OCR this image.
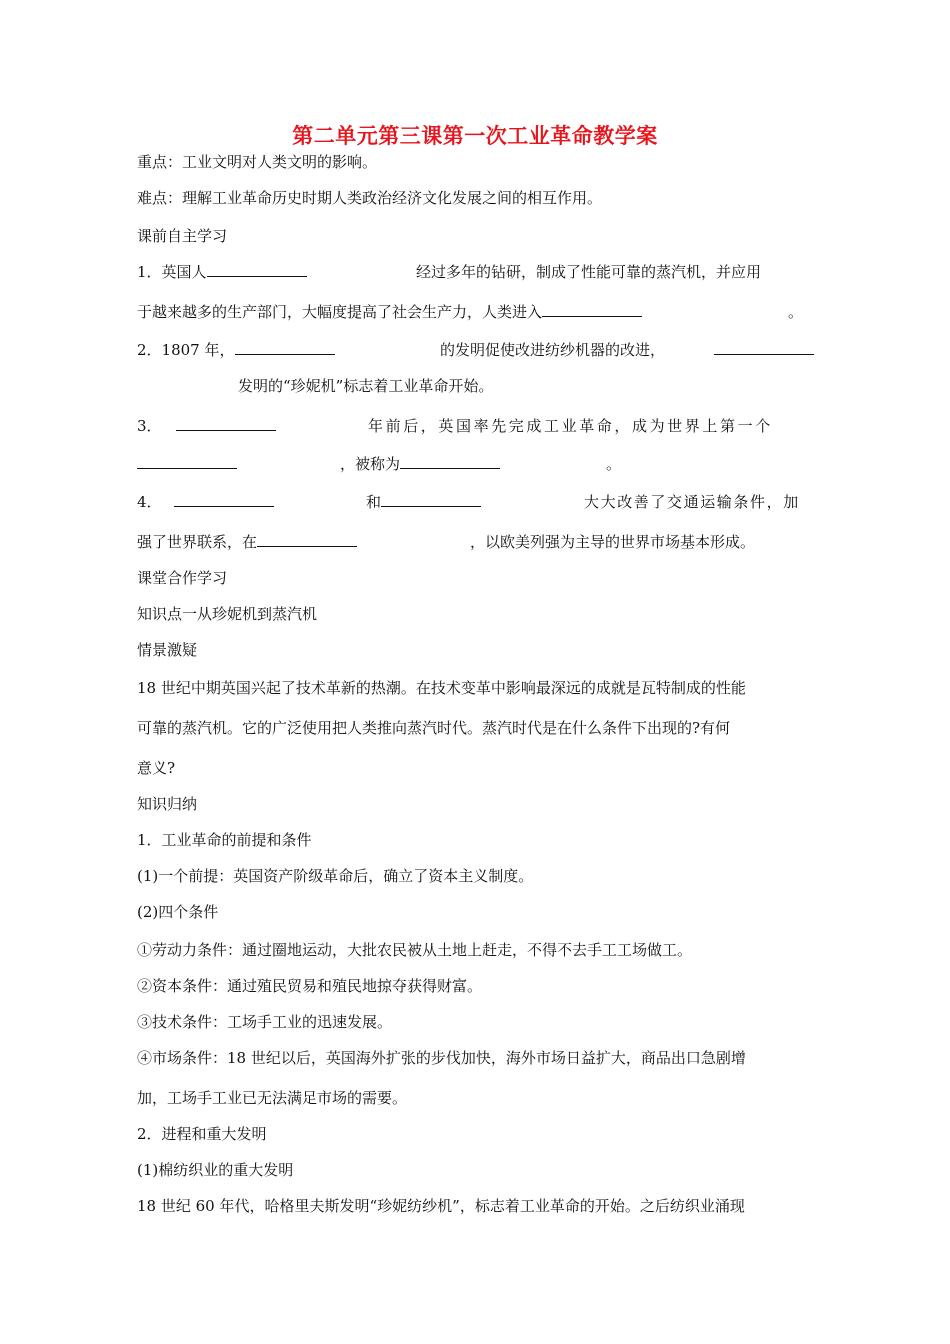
第二单元第三课第一次工业革命教学案
重点：工业文明对人类文明的影响。
难点：理解工业革命历史时期人类政治经济文化发展之间的相互作用。
课前自主学习
1．英国人	经过多年的钻研，制成了性能可靠的蒸汽机，并应用
于越来越多的生产部门，大幅度提高了社会生产力，人类进入	。
2．1807 年，	的发明促使改进纺纱机器的改进，
发明的“珍妮机”标志着工业革命开始。
3．	年前后，英国率先完成工业革命，成为世界上第一个
，被称为	。
4．	和	大大改善了交通运输条件，加
强了世界联系，在	，以欧美列强为主导的世界市场基本形成。
课堂合作学习
知识点一从珍妮机到蒸汽机
情景激疑
18 世纪中期英国兴起了技术革新的热潮。在技术变革中影响最深远的成就是瓦特制成的性能
可靠的蒸汽机。它的广泛使用把人类推向蒸汽时代。蒸汽时代是在什么条件下出现的?有何
意义?
知识归纳
1．工业革命的前提和条件
(1)一个前提：英国资产阶级革命后，确立了资本主义制度。
(2)四个条件
①劳动力条件：通过圈地运动，大批农民被从土地上赶走，不得不去手工工场做工。
②资本条件：通过殖民贸易和殖民地掠夺获得财富。
③技术条件：工场手工业的迅速发展。
④市场条件：18 世纪以后，英国海外扩张的步伐加快，海外市场日益扩大，商品出口急剧增
加，工场手工业已无法满足市场的需要。
2．进程和重大发明
(1)棉纺织业的重大发明
18 世纪 60 年代，哈格里夫斯发明“珍妮纺纱机”，标志着工业革命的开始。之后纺织业涌现
